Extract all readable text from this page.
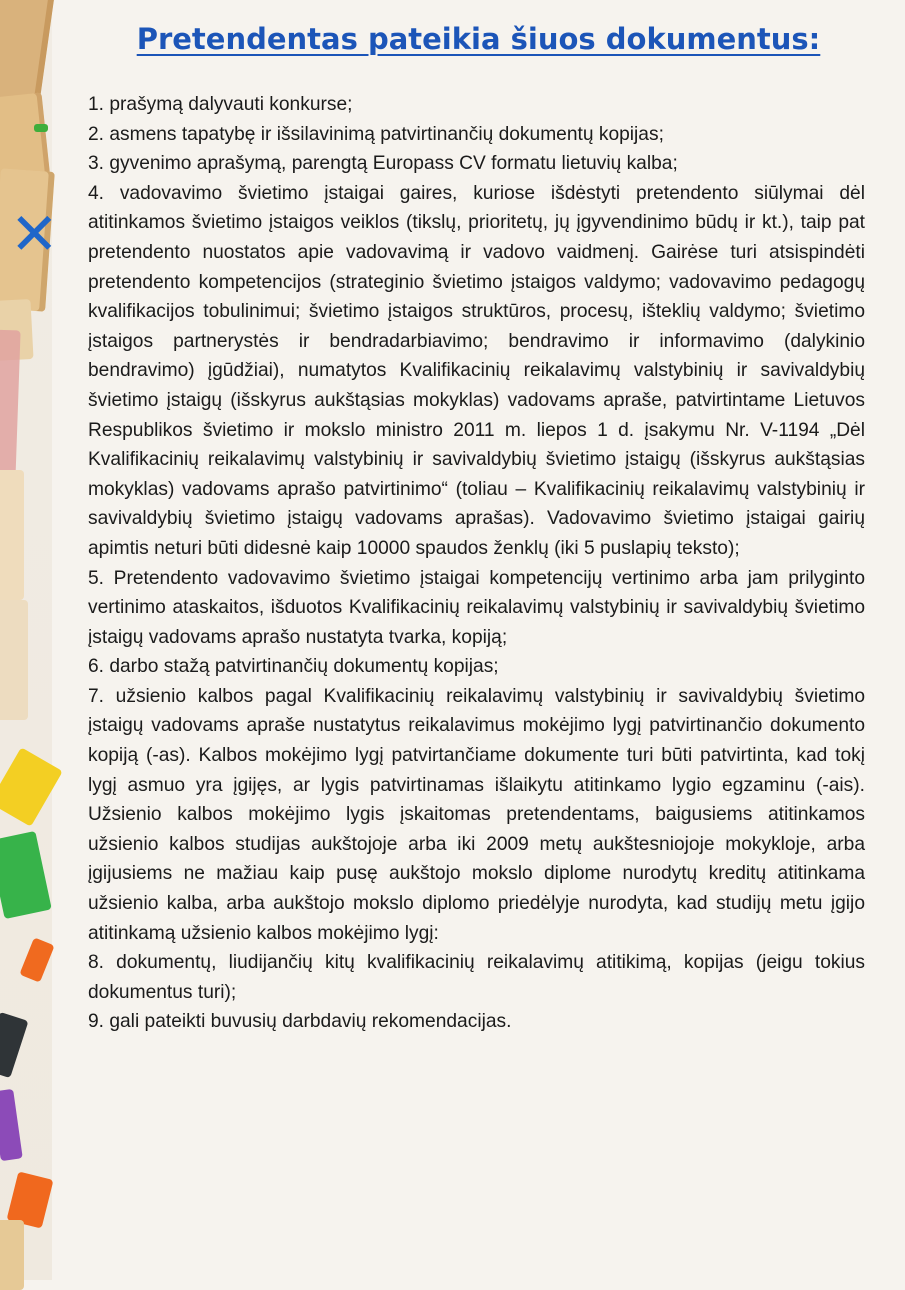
✕
Pretendentas pateikia šiuos dokumentus:
1. prašymą dalyvauti konkurse;
2. asmens tapatybę ir išsilavinimą patvirtinančių dokumentų kopijas;
3. gyvenimo aprašymą, parengtą Europass CV formatu lietuvių kalba;
4. vadovavimo švietimo įstaigai gaires, kuriose išdėstyti pretendento siūlymai dėl atitinkamos švietimo įstaigos veiklos (tikslų, prioritetų, jų įgyvendinimo būdų ir kt.), taip pat pretendento nuostatos apie vadovavimą ir vadovo vaidmenį. Gairėse turi atsispindėti pretendento kompetencijos (strateginio švietimo įstaigos valdymo; vadovavimo pedagogų kvalifikacijos tobulinimui; švietimo įstaigos struktūros, procesų, išteklių valdymo; švietimo įstaigos partnerystės ir bendradarbiavimo; bendravimo ir informavimo (dalykinio bendravimo) įgūdžiai), numatytos Kvalifikacinių reikalavimų valstybinių ir savivaldybių švietimo įstaigų (išskyrus aukštąsias mokyklas) vadovams apraše, patvirtintame Lietuvos Respublikos švietimo ir mokslo ministro 2011 m. liepos 1 d. įsakymu Nr. V-1194 „Dėl Kvalifikacinių reikalavimų valstybinių ir savivaldybių švietimo įstaigų (išskyrus aukštąsias mokyklas) vadovams aprašo patvirtinimo“ (toliau – Kvalifikacinių reikalavimų valstybinių ir savivaldybių švietimo įstaigų vadovams aprašas). Vadovavimo švietimo įstaigai gairių apimtis neturi būti didesnė kaip 10000 spaudos ženklų (iki 5 puslapių teksto);
5. Pretendento vadovavimo švietimo įstaigai kompetencijų vertinimo arba jam prilyginto vertinimo ataskaitos, išduotos Kvalifikacinių reikalavimų valstybinių ir savivaldybių švietimo įstaigų vadovams aprašo nustatyta tvarka, kopiją;
6. darbo stažą patvirtinančių dokumentų kopijas;
7. užsienio kalbos pagal Kvalifikacinių reikalavimų valstybinių ir savivaldybių švietimo įstaigų vadovams apraše nustatytus reikalavimus mokėjimo lygį patvirtinančio dokumento kopiją (-as). Kalbos mokėjimo lygį patvirtančiame dokumente turi būti patvirtinta, kad tokį lygį asmuo yra įgijęs, ar lygis patvirtinamas išlaikytu atitinkamo lygio egzaminu (-ais). Užsienio kalbos mokėjimo lygis įskaitomas pretendentams, baigusiems atitinkamos užsienio kalbos studijas aukštojoje arba iki 2009 metų aukštesniojoje mokykloje, arba įgijusiems ne mažiau kaip pusę aukštojo mokslo diplome nurodytų kreditų atitinkama užsienio kalba, arba aukštojo mokslo diplomo priedėlyje nurodyta, kad studijų metu įgijo atitinkamą užsienio kalbos mokėjimo lygį:
8. dokumentų, liudijančių kitų kvalifikacinių reikalavimų atitikimą, kopijas (jeigu tokius dokumentus turi);
9. gali pateikti buvusių darbdavių rekomendacijas.
